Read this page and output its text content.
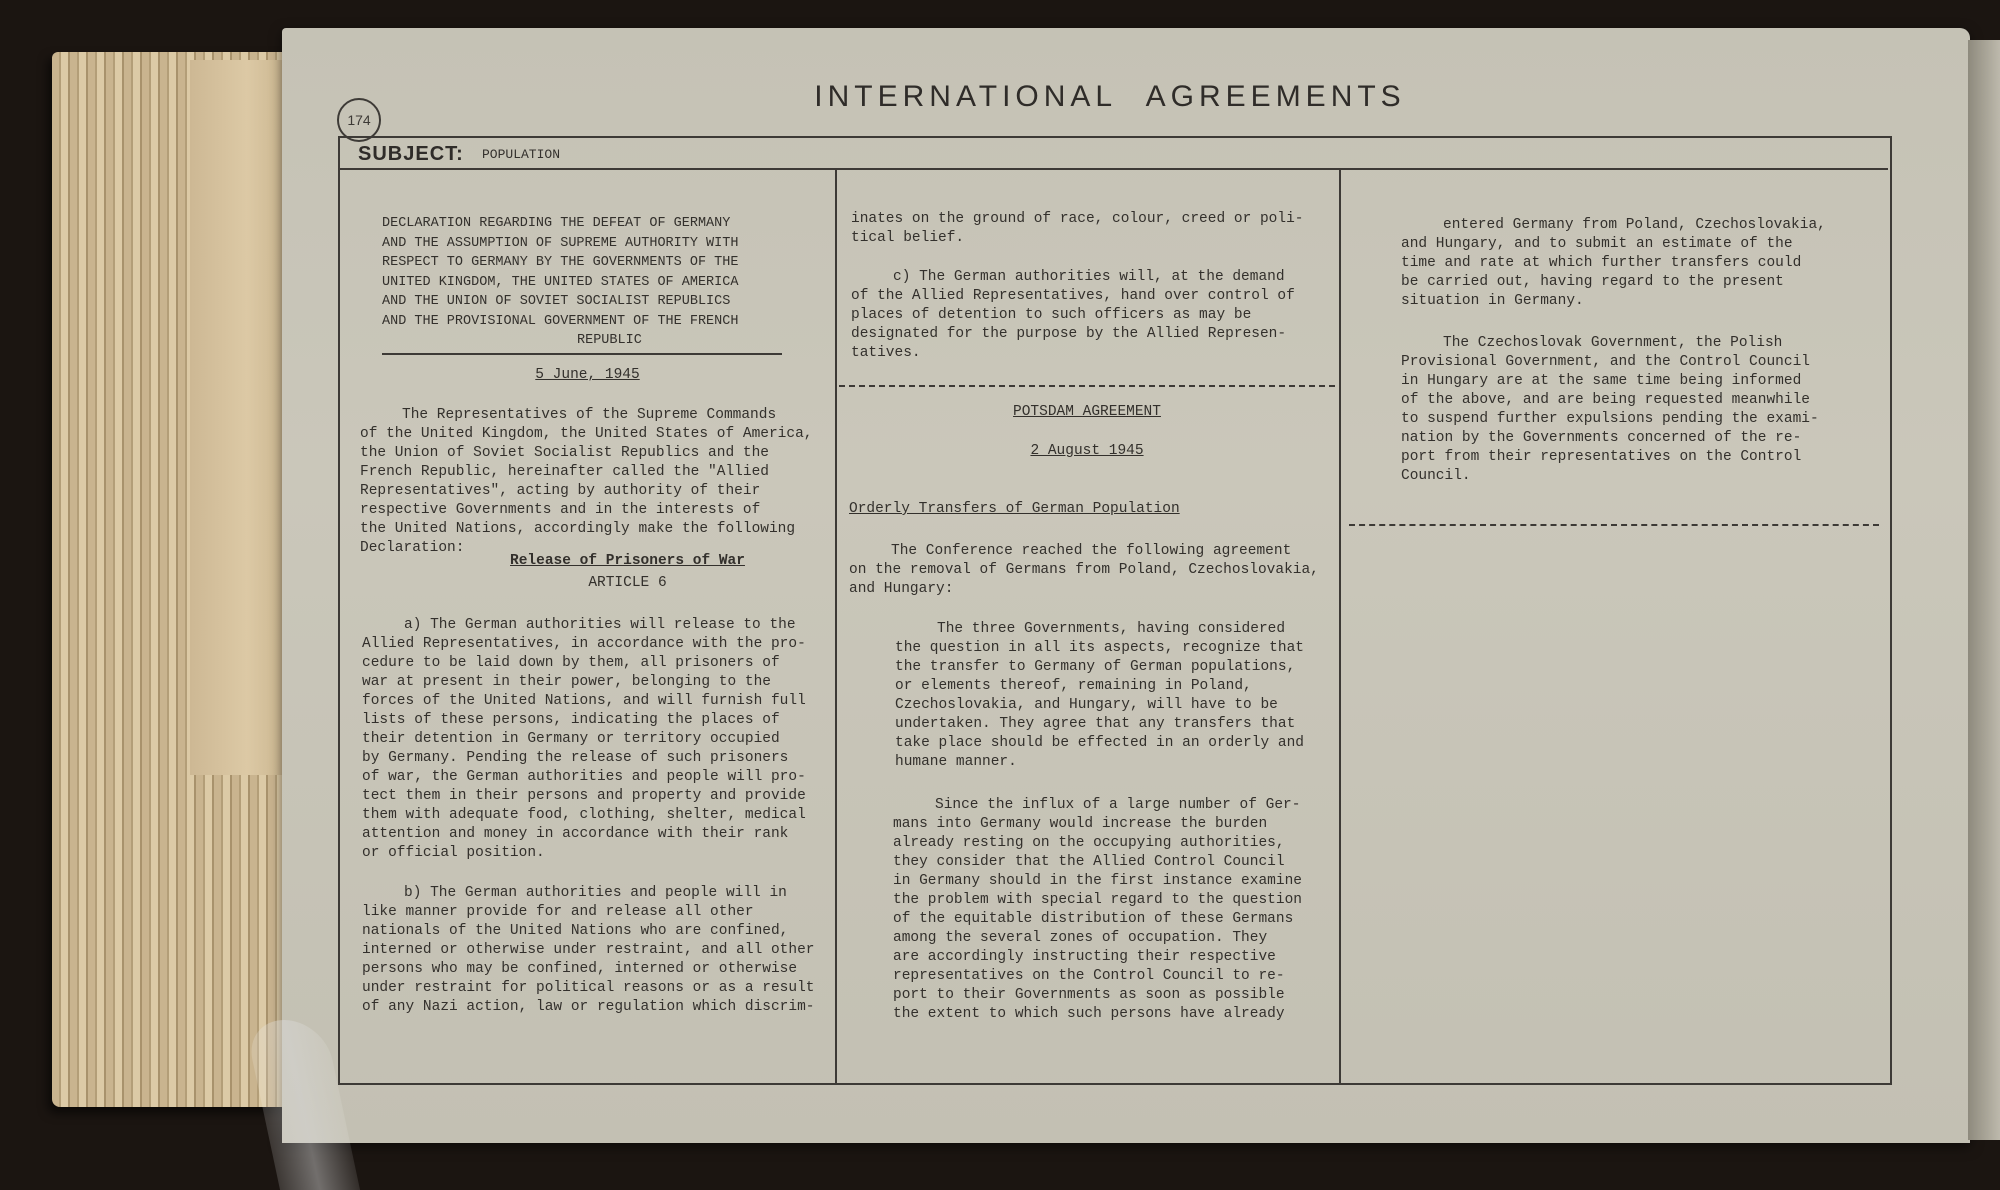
174
INTERNATIONAL AGREEMENTS
SUBJECT: POPULATION

DECLARATION REGARDING THE DEFEAT OF GERMANY

AND THE ASSUMPTION OF SUPREME AUTHORITY WITH

RESPECT TO GERMANY BY THE GOVERNMENTS OF THE

UNITED KINGDOM, THE UNITED STATES OF AMERICA

AND THE UNION OF SOVIET SOCIALIST REPUBLICS

AND THE PROVISIONAL GOVERNMENT OF THE FRENCH

REPUBLIC

5 June, 1945

The Representatives of the Supreme Commands

of the United Kingdom, the United States of America,

the Union of Soviet Socialist Republics and the

French Republic, hereinafter called the "Allied

Representatives", acting by authority of their

respective Governments and in the interests of

the United Nations, accordingly make the following

Declaration:

Release of Prisoners of War
ARTICLE 6

a) The German authorities will release to the

Allied Representatives, in accordance with the pro-

cedure to be laid down by them, all prisoners of

war at present in their power, belonging to the

forces of the United Nations, and will furnish full

lists of these persons, indicating the places of

their detention in Germany or territory occupied

by Germany. Pending the release of such prisoners

of war, the German authorities and people will pro-

tect them in their persons and property and provide

them with adequate food, clothing, shelter, medical

attention and money in accordance with their rank

or official position.

b) The German authorities and people will in

like manner provide for and release all other

nationals of the United Nations who are confined,

interned or otherwise under restraint, and all other

persons who may be confined, interned or otherwise

under restraint for political reasons or as a result

of any Nazi action, law or regulation which discrim-

inates on the ground of race, colour, creed or poli-

tical belief.

c) The German authorities will, at the demand

of the Allied Representatives, hand over control of

places of detention to such officers as may be

designated for the purpose by the Allied Represen-

tatives.

POTSDAM AGREEMENT
2 August 1945
Orderly Transfers of German Population

The Conference reached the following agreement

on the removal of Germans from Poland, Czechoslovakia,

and Hungary:

The three Governments, having considered

the question in all its aspects, recognize that

the transfer to Germany of German populations,

or elements thereof, remaining in Poland,

Czechoslovakia, and Hungary, will have to be

undertaken. They agree that any transfers that

take place should be effected in an orderly and

humane manner.

Since the influx of a large number of Ger-

mans into Germany would increase the burden

already resting on the occupying authorities,

they consider that the Allied Control Council

in Germany should in the first instance examine

the problem with special regard to the question

of the equitable distribution of these Germans

among the several zones of occupation. They

are accordingly instructing their respective

representatives on the Control Council to re-

port to their Governments as soon as possible

the extent to which such persons have already

entered Germany from Poland, Czechoslovakia,

and Hungary, and to submit an estimate of the

time and rate at which further transfers could

be carried out, having regard to the present

situation in Germany.

The Czechoslovak Government, the Polish

Provisional Government, and the Control Council

in Hungary are at the same time being informed

of the above, and are being requested meanwhile

to suspend further expulsions pending the exami-

nation by the Governments concerned of the re-

port from their representatives on the Control

Council.
